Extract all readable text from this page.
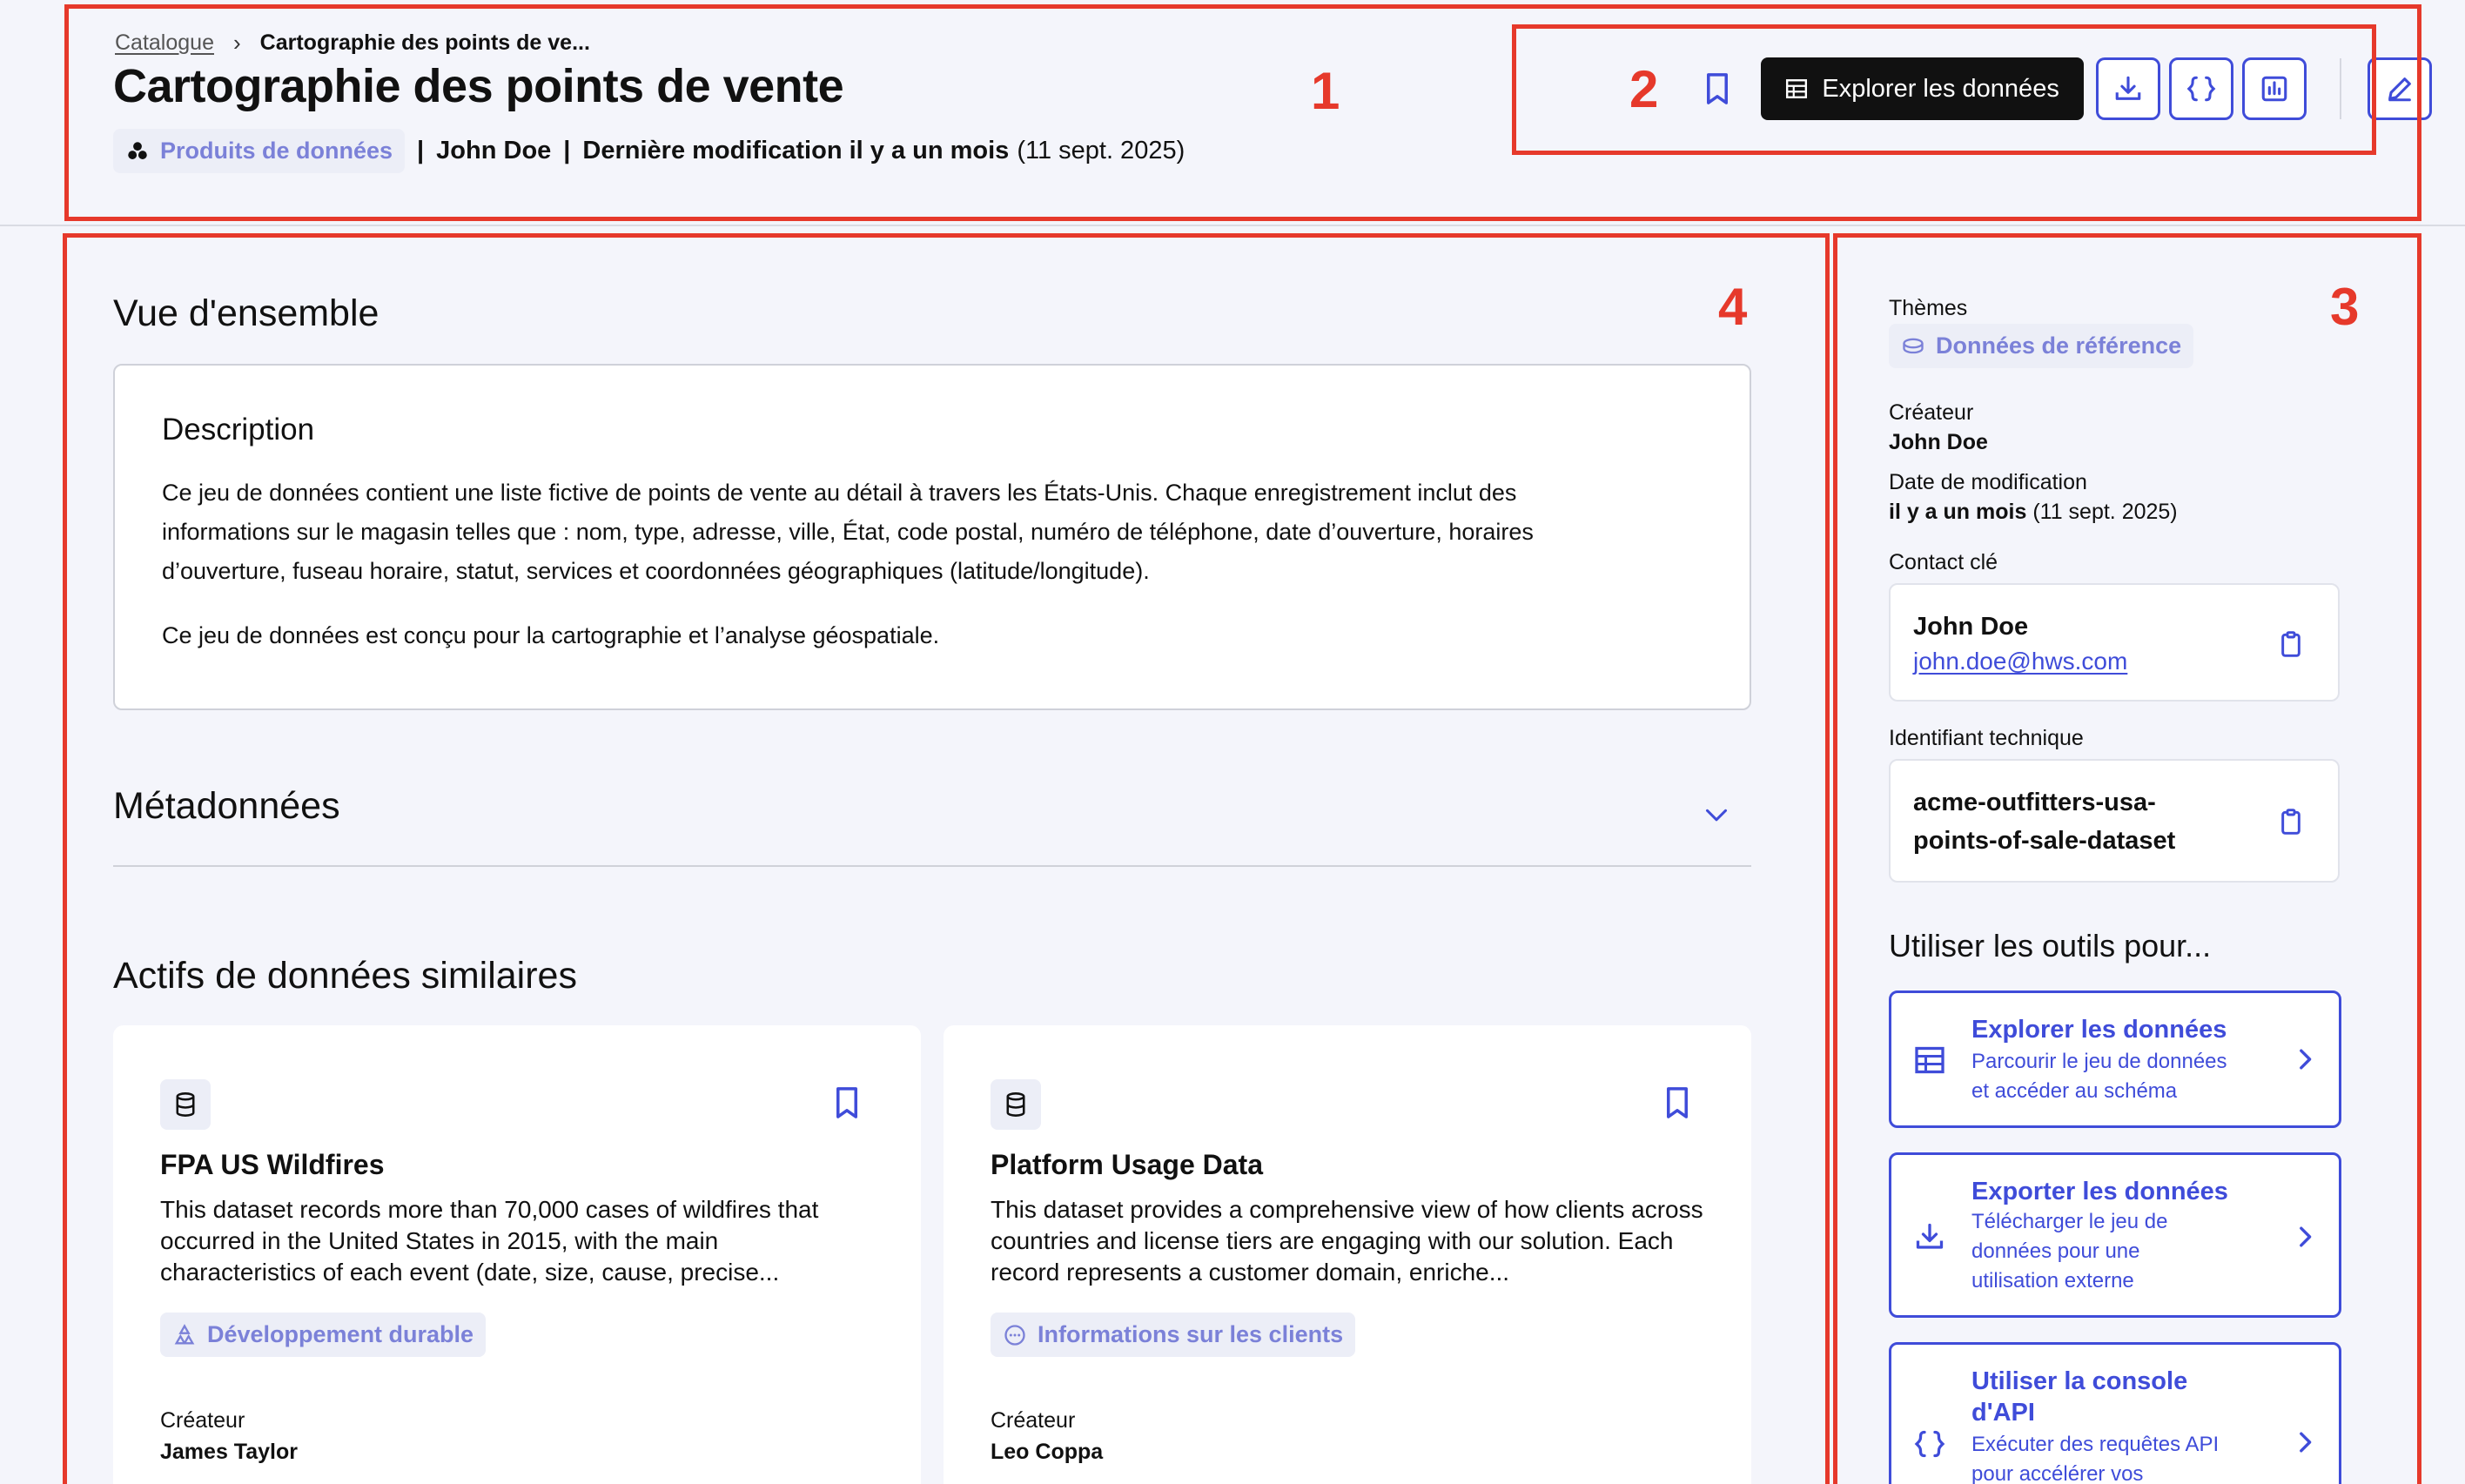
Catalogue › Cartographie des points de ve...
Cartographie des points de vente
Produits de données | John Doe | Dernière modification il y a un mois (11 sept. 2025)
2	Explorer les données
1
4	3
Vue d'ensemble
Description
Ce jeu de données contient une liste fictive de points de vente au détail à travers les États-Unis. Chaque enregistrement inclut des
informations sur le magasin telles que : nom, type, adresse, ville, État, code postal, numéro de téléphone, date d’ouverture, horaires
d’ouverture, fuseau horaire, statut, services et coordonnées géographiques (latitude/longitude).
Ce jeu de données est conçu pour la cartographie et l’analyse géospatiale.
Métadonnées
Actifs de données similaires
FPA US Wildfires
This dataset records more than 70,000 cases of wildfires that occurred in the United States in 2015, with the main characteristics of each event (date, size, cause, precise...
Développement durable
Créateur
James Taylor
Platform Usage Data
This dataset provides a comprehensive view of how clients across countries and license tiers are engaging with our solution. Each record represents a customer domain, enriche...
Informations sur les clients
Créateur
Leo Coppa
Thèmes
Données de référence
Créateur
John Doe
Date de modification
il y a un mois (11 sept. 2025)
Contact clé
John Doe
john.doe@hws.com
Identifiant technique
acme-outfitters-usa-
points-of-sale-dataset
Utiliser les outils pour...
Explorer les données
Parcourir le jeu de données
et accéder au schéma
Exporter les données
Télécharger le jeu de
données pour une
utilisation externe
Utiliser la console
d'API
Exécuter des requêtes API
pour accélérer vos
